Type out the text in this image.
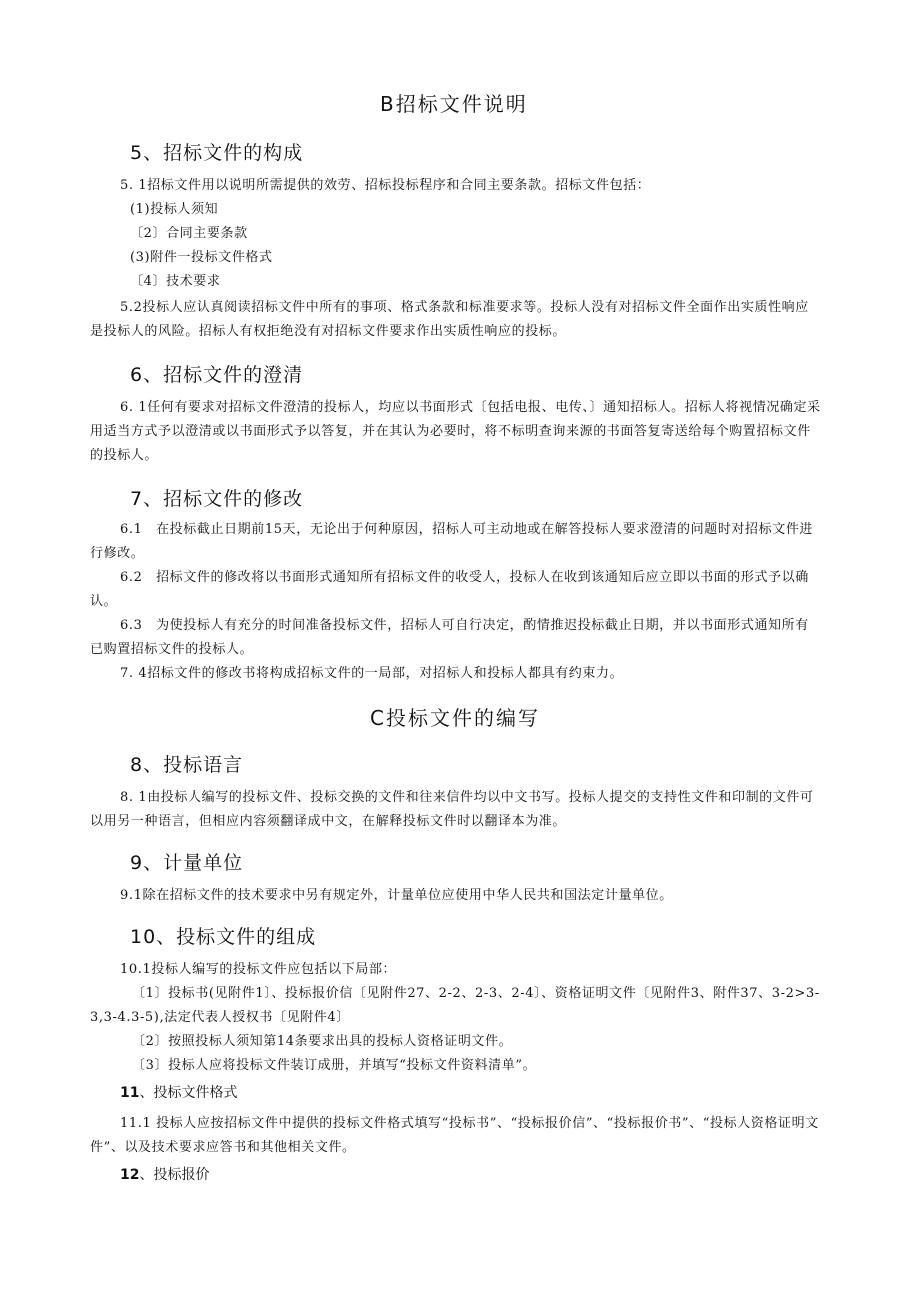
B招标文件说明
5、招标文件的构成

5. 1招标文件用以说明所需提供的效劳、招标投标程序和合同主要条款。招标文件包括：

(1)投标人须知

〔2〕合同主要条款

(3)附件一投标文件格式

〔4〕技术要求

5.2投标人应认真阅读招标文件中所有的事项、格式条款和标准要求等。投标人没有对招标文件全面作出实质性响应是投标人的风险。招标人有权拒绝没有对招标文件要求作出实质性响应的投标。

6、招标文件的澄清

6. 1任何有要求对招标文件澄清的投标人，均应以书面形式〔包括电报、电传、〕通知招标人。招标人将视情况确定采用适当方式予以澄清或以书面形式予以答复，并在其认为必要时，将不标明查询来源的书面答复寄送给每个购置招标文件的投标人。

7、招标文件的修改

6.1　在投标截止日期前15天，无论出于何种原因，招标人可主动地或在解答投标人要求澄清的问题时对招标文件进行修改。

6.2　招标文件的修改将以书面形式通知所有招标文件的收受人，投标人在收到该通知后应立即以书面的形式予以确认。

6.3　为使投标人有充分的时间准备投标文件，招标人可自行决定，酌情推迟投标截止日期，并以书面形式通知所有已购置招标文件的投标人。

7. 4招标文件的修改书将构成招标文件的一局部，对招标人和投标人都具有约束力。

C投标文件的编写
8、投标语言

8. 1由投标人编写的投标文件、投标交换的文件和往来信件均以中文书写。投标人提交的支持性文件和印制的文件可以用另一种语言，但相应内容须翻译成中文，在解释投标文件时以翻译本为准。

9、计量单位

9.1除在招标文件的技术要求中另有规定外，计量单位应使用中华人民共和国法定计量单位。

10、投标文件的组成

10.1投标人编写的投标文件应包括以下局部：

〔1〕投标书(见附件1〕、投标报价信〔见附件27、2-2、2-3、2-4〕、资格证明文件〔见附件3、附件37、3-2>3-3,3-4.3-5),法定代表人授权书〔见附件4〕

〔2〕按照投标人须知第14条要求出具的投标人资格证明文件。

〔3〕投标人应将投标文件装订成册，并填写“投标文件资料清单”。

11、投标文件格式

11.1 投标人应按招标文件中提供的投标文件格式填写“投标书”、“投标报价信”、“投标报价书”、“投标人资格证明文件”、以及技术要求应答书和其他相关文件。

12、投标报价
